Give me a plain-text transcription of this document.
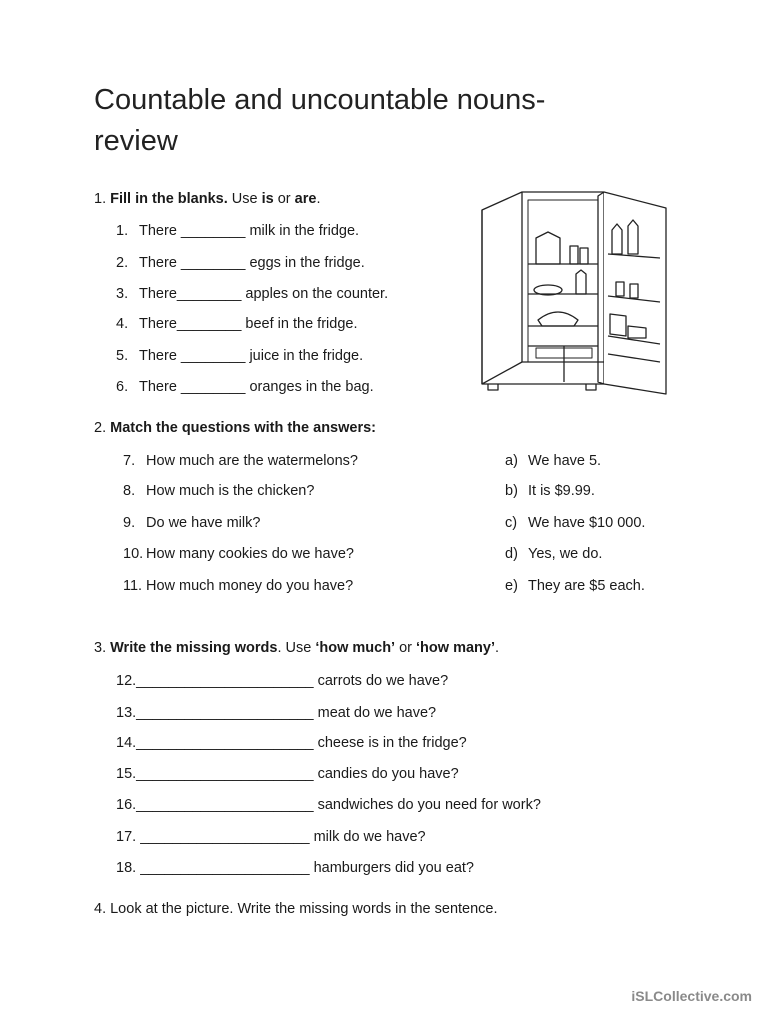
Countable and uncountable nouns-review
1. Fill in the blanks. Use is or are.
1. There ________ milk in the fridge.
2. There ________ eggs in the fridge.
3. There________ apples on the counter.
4. There________ beef in the fridge.
5. There ________ juice in the fridge.
6. There ________ oranges in the bag.
2. Match the questions with the answers:
7. How much are the watermelons?
8. How much is the chicken?
9. Do we have milk?
10. How many cookies do we have?
11. How much money do you have?
a) We have 5.
b) It is $9.99.
c) We have $10 000.
d) Yes, we do.
e) They are $5 each.
3. Write the missing words. Use ‘how much’ or ‘how many’.
12.______________________ carrots do we have?
13.______________________ meat do we have?
14.______________________ cheese is in the fridge?
15.______________________ candies do you have?
16.______________________ sandwiches do you need for work?
17. _____________________ milk do we have?
18. _____________________ hamburgers did you eat?
4. Look at the picture. Write the missing words in the sentence.
iSLCollective.com
